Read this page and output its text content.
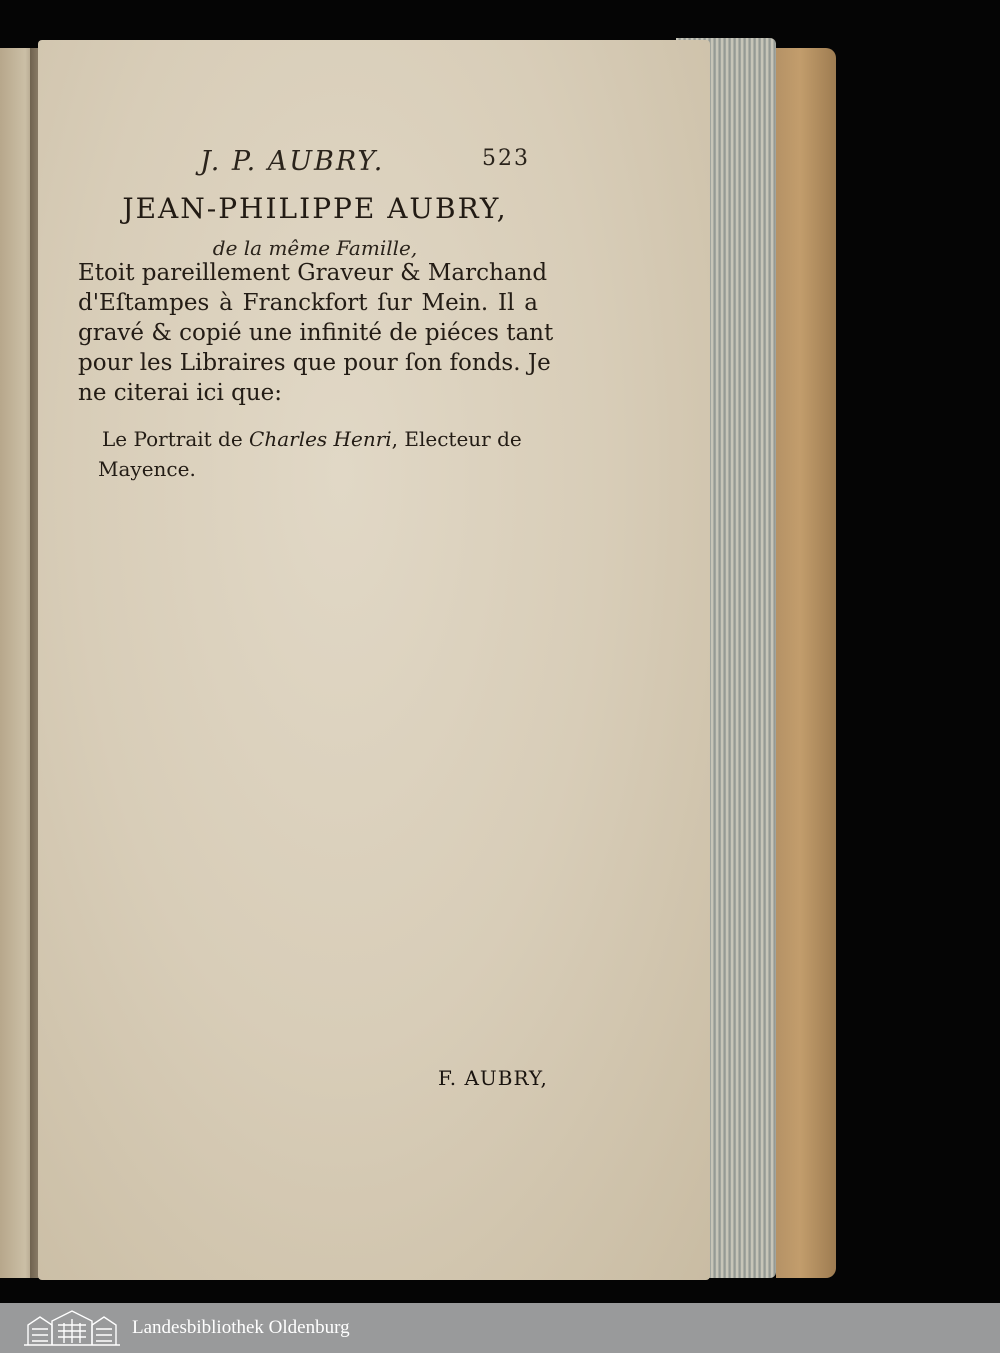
J. P. AUBRY.	523
JEAN-PHILIPPE AUBRY,
de la même Famille,
Etoit pareillement Graveur & Marchand
d'Eſtampes à Franckfort ſur Mein. Il a
gravé & copié une infinité de piéces tant
pour les Libraires que pour ſon fonds. Je
ne citerai ici que:
Le Portrait de Charles Henri, Electeur de
Mayence.
F. AUBRY,
Landesbibliothek Oldenburg
